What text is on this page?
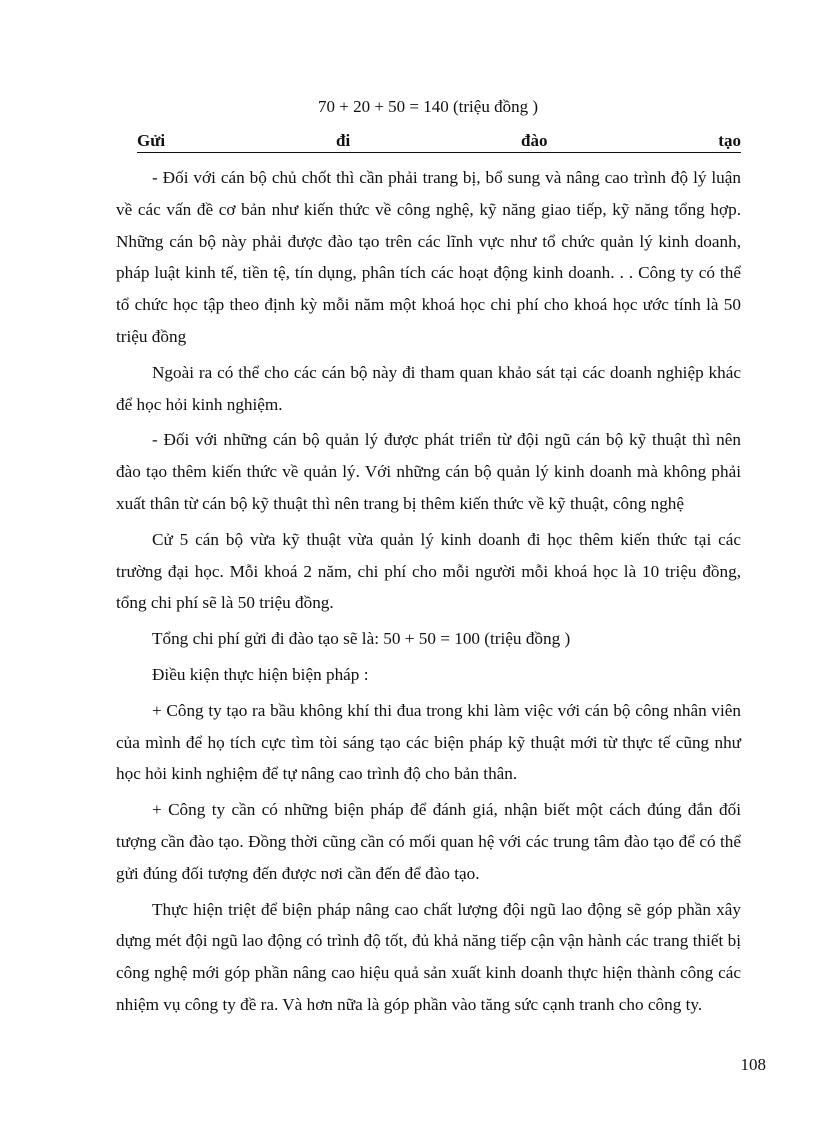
70 + 20 + 50 = 140 (triệu đồng )
Gửi	đi	đào	tạo

- Đối với cán bộ chủ chốt thì cần phải trang bị, bổ sung và nâng cao trình độ lý luận về các vấn đề cơ bản như kiến thức về công nghệ, kỹ năng giao tiếp, kỹ năng tổng hợp. Những cán bộ này phải được đào tạo trên các lĩnh vực như tổ chức quản lý kinh doanh, pháp luật kinh tế, tiền tệ, tín dụng, phân tích các hoạt động kinh doanh. . . Công ty có thể tổ chức học tập theo định kỳ mỗi năm một khoá học chi phí cho khoá học ước tính là 50 triệu đồng

Ngoài ra có thể cho các cán bộ này đi tham quan khảo sát tại các doanh nghiệp khác để học hỏi kinh nghiệm.

- Đối với những cán bộ quản lý được phát triển từ đội ngũ cán bộ kỹ thuật thì nên đào tạo thêm kiến thức về quản lý. Với những cán bộ quản lý kinh doanh mà không phải xuất thân từ cán bộ kỹ thuật thì nên trang bị thêm kiến thức về kỹ thuật, công nghệ

Cử 5 cán bộ vừa kỹ thuật vừa quản lý kinh doanh đi học thêm kiến thức tại các trường đại học. Mỗi khoá 2 năm, chi phí cho mỗi người mỗi khoá học là 10 triệu đồng, tổng chi phí sẽ là 50 triệu đồng.

Tổng chi phí gửi đi đào tạo sẽ là: 50 + 50 = 100 (triệu đồng )

Điều kiện thực hiện biện pháp :

+ Công ty tạo ra bầu không khí thi đua trong khi làm việc với cán bộ công nhân viên của mình để họ tích cực tìm tòi sáng tạo các biện pháp kỹ thuật mới từ thực tế cũng như học hỏi kinh nghiệm để tự nâng cao trình độ cho bản thân.

+ Công ty cần có những biện pháp để đánh giá, nhận biết một cách đúng đắn đối tượng cần đào tạo. Đồng thời cũng cần có mối quan hệ với các trung tâm đào tạo để có thể gửi đúng đối tượng đến được nơi cần đến để đào tạo.

Thực hiện triệt để biện pháp nâng cao chất lượng đội ngũ lao động sẽ góp phần xây dựng mét đội ngũ lao động có trình độ tốt, đủ khả năng tiếp cận vận hành các trang thiết bị công nghệ mới góp phần nâng cao hiệu quả sản xuất kinh doanh thực hiện thành công các nhiệm vụ công ty đề ra. Và hơn nữa là góp phần vào tăng sức cạnh tranh cho công ty.

108
